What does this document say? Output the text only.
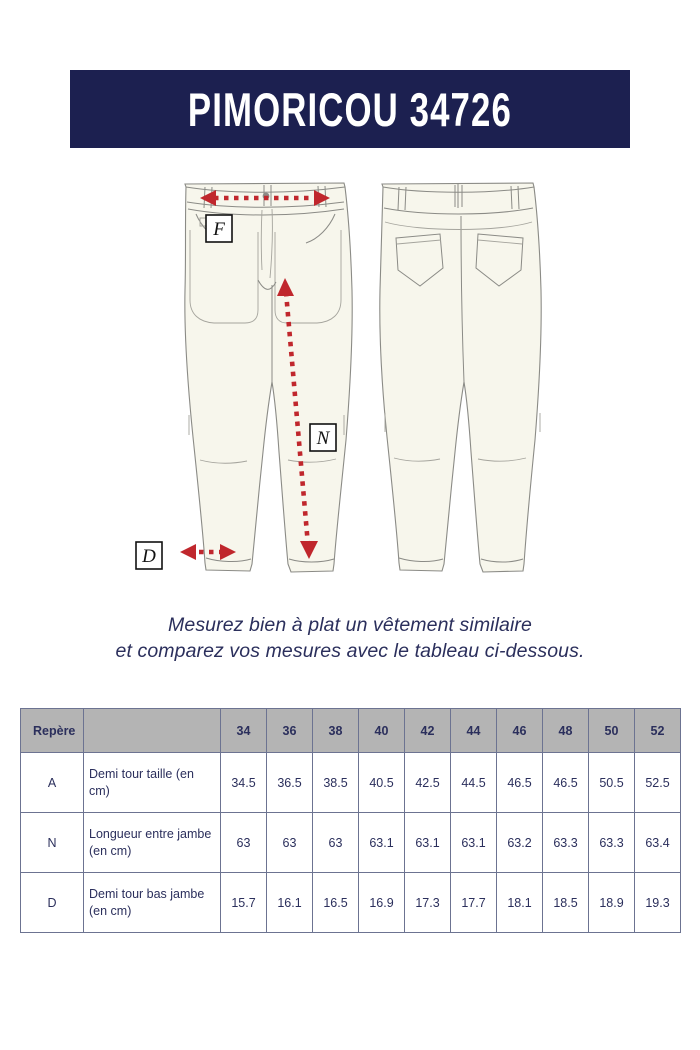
PIMORICOU 34726
F
N
D
Mesurez bien à plat un vêtement similaire
et comparez vos mesures avec le tableau ci-dessous.
Repère		34	36	38	40	42	44	46	48	50	52
A	Demi tour taille (en cm)	34.5	36.5	38.5	40.5	42.5	44.5	46.5	46.5	50.5	52.5
N	Longueur entre jambe (en cm)	63	63	63	63.1	63.1	63.1	63.2	63.3	63.3	63.4
D	Demi tour bas jambe (en cm)	15.7	16.1	16.5	16.9	17.3	17.7	18.1	18.5	18.9	19.3
